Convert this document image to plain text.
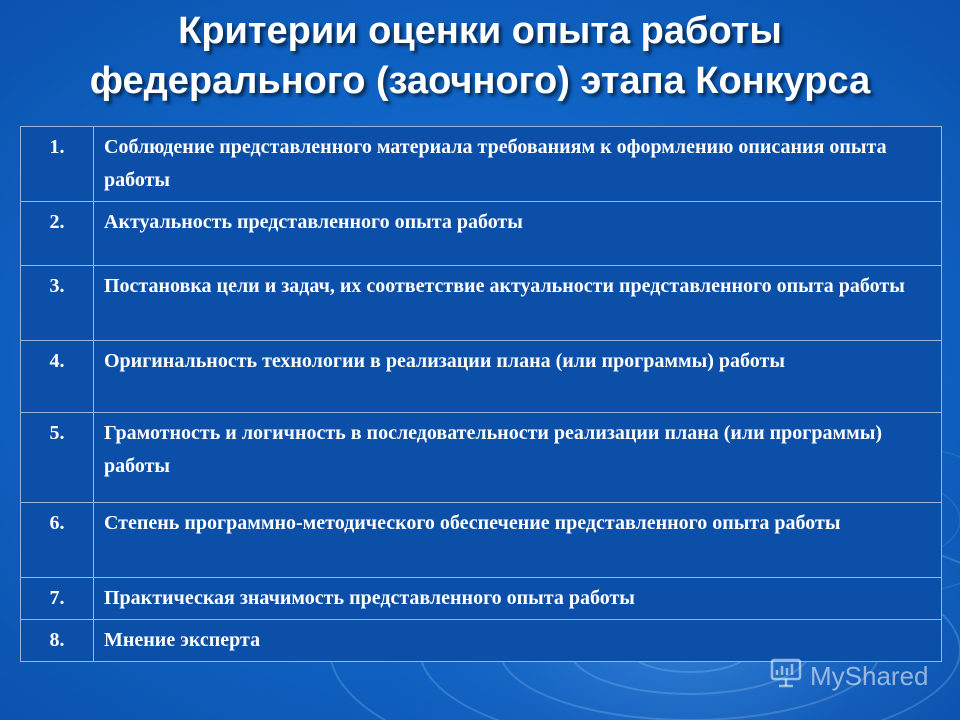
Критерии оценки опыта работы
федерального (заочного) этапа Конкурса
1.	Соблюдение представленного материала требованиям к оформлению описания опыта работы
2.	Актуальность представленного опыта работы
3.	Постановка цели и задач, их соответствие актуальности представленного опыта работы
4.	Оригинальность технологии в реализации плана (или программы) работы
5.	Грамотность и логичность в последовательности реализации плана (или программы) работы
6.	Степень программно-методического обеспечение представленного опыта работы
7.	Практическая значимость представленного опыта работы
8.	Мнение эксперта
MyShared
